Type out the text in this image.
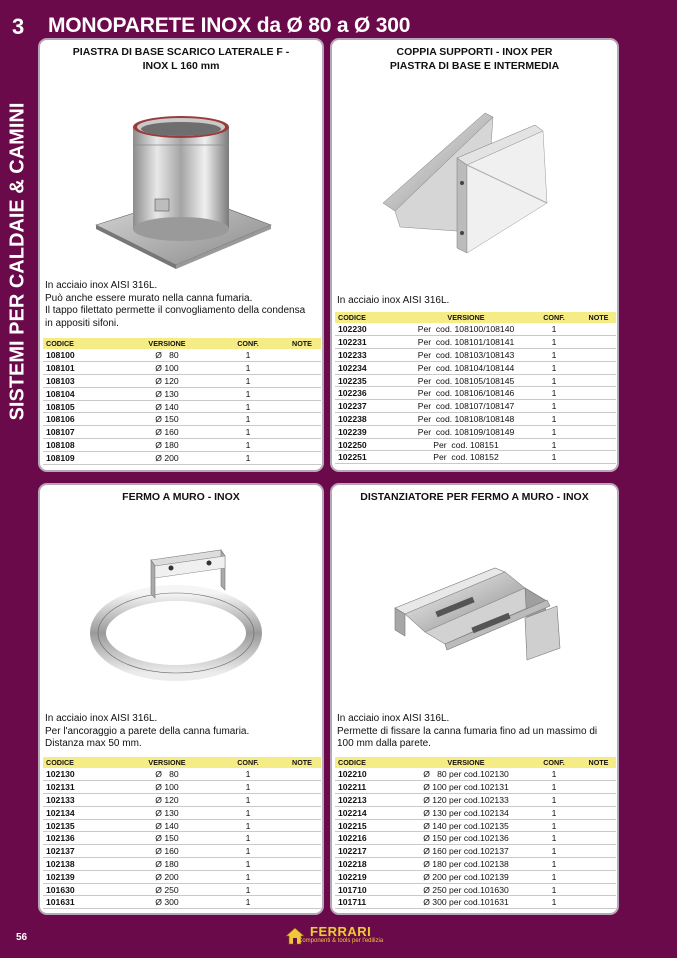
3 MONOPARETE INOX da Ø 80 a Ø 300
SISTEMI PER CALDAIE & CAMINI
PIASTRA DI BASE SCARICO LATERALE F - INOX L 160 mm
In acciaio inox AISI 316L.
Può anche essere murato nella canna fumaria.
Il tappo filettato permette il convogliamento della condensa
in appositi sifoni.
CODICE	VERSIONE	CONF.	NOTE
108100	Ø   80	1	
108101	Ø 100	1	
108103	Ø 120	1	
108104	Ø 130	1	
108105	Ø 140	1	
108106	Ø 150	1	
108107	Ø 160	1	
108108	Ø 180	1	
108109	Ø 200	1	
COPPIA SUPPORTI - INOX PER PIASTRA DI BASE E INTERMEDIA
In acciaio inox AISI 316L.
CODICE	VERSIONE	CONF.	NOTE
102230	Per  cod. 108100/108140	1	
102231	Per  cod. 108101/108141	1	
102233	Per  cod. 108103/108143	1	
102234	Per  cod. 108104/108144	1	
102235	Per  cod. 108105/108145	1	
102236	Per  cod. 108106/108146	1	
102237	Per  cod. 108107/108147	1	
102238	Per  cod. 108108/108148	1	
102239	Per  cod. 108109/108149	1	
102250	Per  cod. 108151	1	
102251	Per  cod. 108152	1	
FERMO A MURO - INOX
In acciaio inox AISI 316L.
Per l'ancoraggio a parete della canna fumaria.
Distanza max 50 mm.
CODICE	VERSIONE	CONF.	NOTE
102130	Ø   80	1	
102131	Ø 100	1	
102133	Ø 120	1	
102134	Ø 130	1	
102135	Ø 140	1	
102136	Ø 150	1	
102137	Ø 160	1	
102138	Ø 180	1	
102139	Ø 200	1	
101630	Ø 250	1	
101631	Ø 300	1	
DISTANZIATORE PER FERMO A MURO - INOX
In acciaio inox AISI 316L.
Permette di fissare la canna fumaria fino ad un massimo di
100 mm dalla parete.
CODICE	VERSIONE	CONF.	NOTE
102210	Ø   80 per cod.102130	1	
102211	Ø 100 per cod.102131	1	
102213	Ø 120 per cod.102133	1	
102214	Ø 130 per cod.102134	1	
102215	Ø 140 per cod.102135	1	
102216	Ø 150 per cod.102136	1	
102217	Ø 160 per cod.102137	1	
102218	Ø 180 per cod.102138	1	
102219	Ø 200 per cod.102139	1	
101710	Ø 250 per cod.101630	1	
101711	Ø 300 per cod.101631	1	
56	FERRARI
Componenti & tools per l'edilizia
